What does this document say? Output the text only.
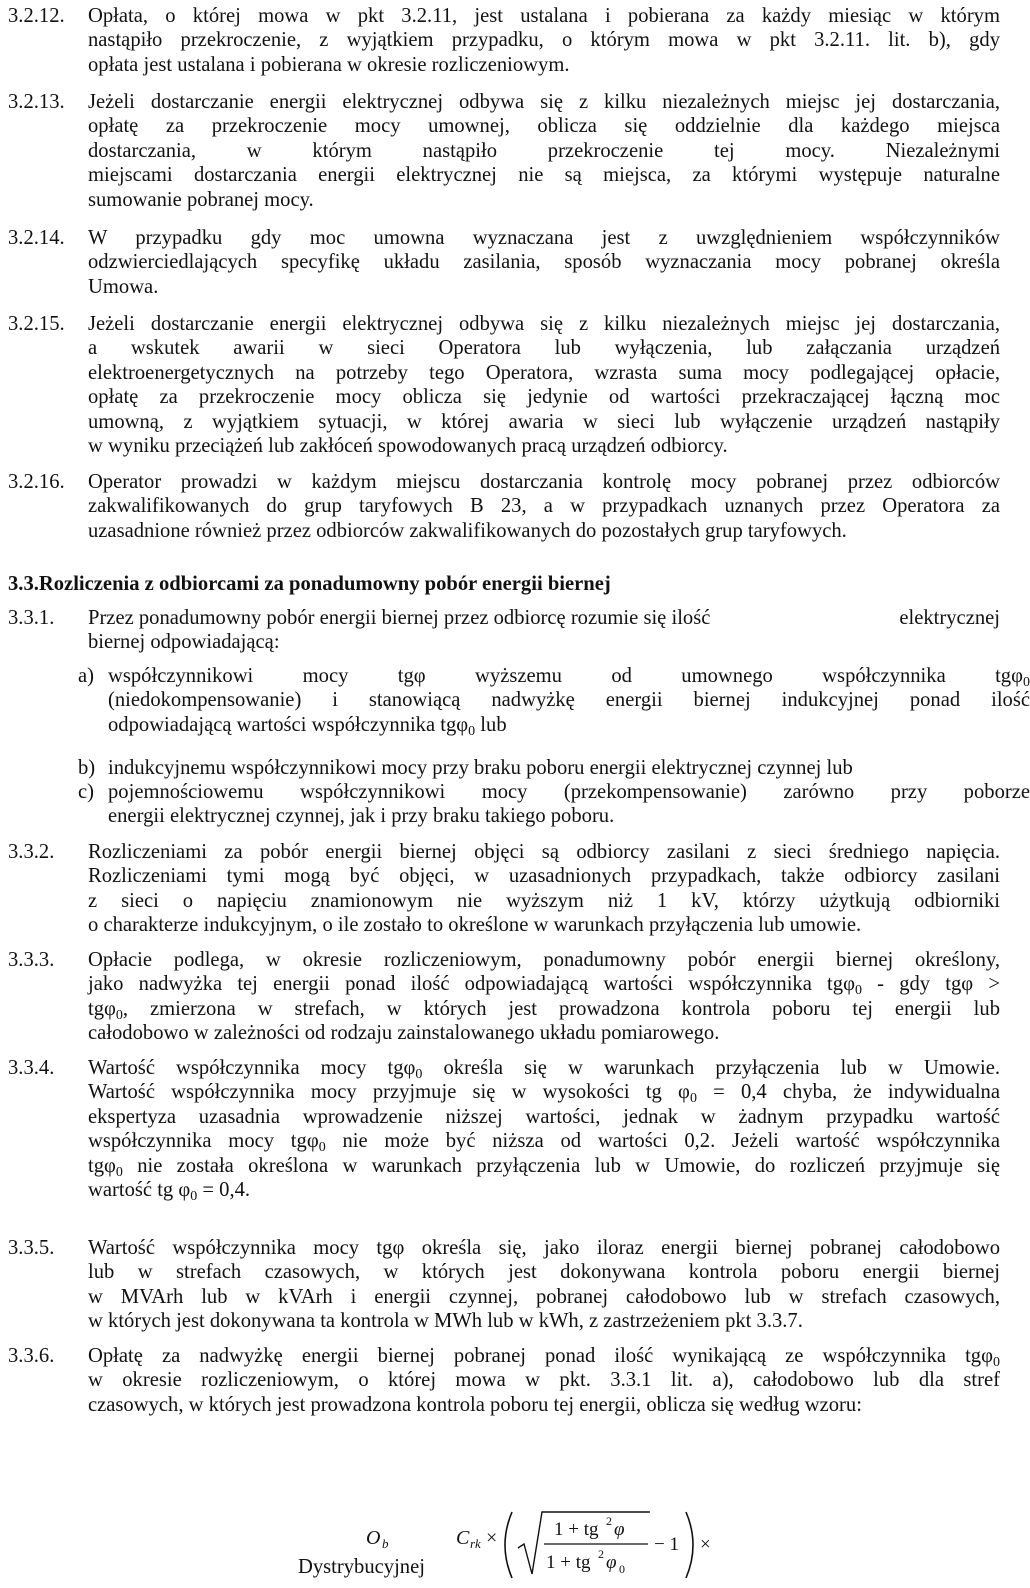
3.2.12. Opłata, o której mowa w pkt 3.2.11, jest ustalana i pobierana za każdy miesiąc w którym
nastąpiło przekroczenie, z wyjątkiem przypadku, o którym mowa w pkt 3.2.11. lit. b), gdy
opłata jest ustalana i pobierana w okresie rozliczeniowym.
3.2.13. Jeżeli dostarczanie energii elektrycznej odbywa się z kilku niezależnych miejsc jej dostarczania,
opłatę za przekroczenie mocy umownej, oblicza się oddzielnie dla każdego miejsca
dostarczania, w którym nastąpiło przekroczenie tej mocy. Niezależnymi
miejscami dostarczania energii elektrycznej nie są miejsca, za którymi występuje naturalne
sumowanie pobranej mocy.
3.2.14. W przypadku gdy moc umowna wyznaczana jest z uwzględnieniem współczynników
odzwierciedlających specyfikę układu zasilania, sposób wyznaczania mocy pobranej określa
Umowa.
3.2.15. Jeżeli dostarczanie energii elektrycznej odbywa się z kilku niezależnych miejsc jej dostarczania,
a wskutek awarii w sieci Operatora lub wyłączenia, lub załączania urządzeń
elektroenergetycznych na potrzeby tego Operatora, wzrasta suma mocy podlegającej opłacie,
opłatę za przekroczenie mocy oblicza się jedynie od wartości przekraczającej łączną moc
umowną, z wyjątkiem sytuacji, w której awaria w sieci lub wyłączenie urządzeń nastąpiły
w wyniku przeciążeń lub zakłóceń spowodowanych pracą urządzeń odbiorcy.
3.2.16. Operator prowadzi w każdym miejscu dostarczania kontrolę mocy pobranej przez odbiorców
zakwalifikowanych do grup taryfowych B 23, a w przypadkach uznanych przez Operatora za
uzasadnione również przez odbiorców zakwalifikowanych do pozostałych grup taryfowych.
3.3.Rozliczenia z odbiorcami za ponadumowny pobór energii biernej
3.3.1. Przez ponadumowny pobór energii biernej przez odbiorcę rozumie się ilość	elektrycznej
biernej odpowiadającą:
a) współczynnikowi mocy tgφ wyższemu od umownego współczynnika tgφ$_0$
(niedokompensowanie) i stanowiącą nadwyżkę energii biernej indukcyjnej ponad ilość
odpowiadającą wartości współczynnika tgφ$_0$ lub
b) indukcyjnemu współczynnikowi mocy przy braku poboru energii elektrycznej czynnej lub
c) pojemnościowemu współczynnikowi mocy (przekompensowanie) zarówno przy poborze
energii elektrycznej czynnej, jak i przy braku takiego poboru.
3.3.2. Rozliczeniami za pobór energii biernej objęci są odbiorcy zasilani z sieci średniego napięcia.
Rozliczeniami tymi mogą być objęci, w uzasadnionych przypadkach, także odbiorcy zasilani
z sieci o napięciu znamionowym nie wyższym niż 1 kV, którzy użytkują odbiorniki
o charakterze indukcyjnym, o ile zostało to określone w warunkach przyłączenia lub umowie.
3.3.3. Opłacie podlega, w okresie rozliczeniowym, ponadumowny pobór energii biernej określony,
jako nadwyżka tej energii ponad ilość odpowiadającą wartości współczynnika tgφ$_0$ - gdy tgφ >
tgφ$_0$, zmierzona w strefach, w których jest prowadzona kontrola poboru tej energii lub
całodobowo w zależności od rodzaju zainstalowanego układu pomiarowego.
3.3.4. Wartość współczynnika mocy tgφ$_0$ określa się w warunkach przyłączenia lub w Umowie.
Wartość współczynnika mocy przyjmuje się w wysokości tg $\varphi_0 = 0,4$ chyba, że indywidualna
ekspertyza uzasadnia wprowadzenie niższej wartości, jednak w żadnym przypadku wartość
współczynnika mocy tgφ$_0$ nie może być niższa od wartości 0,2. Jeżeli wartość współczynnika
tgφ$_0$ nie została określona w warunkach przyłączenia lub w Umowie, do rozliczeń przyjmuje się
wartość tg $\varphi_0 = 0,4$.
3.3.5. Wartość współczynnika mocy tgφ określa się, jako iloraz energii biernej pobranej całodobowo
lub w strefach czasowych, w których jest dokonywana kontrola poboru energii biernej
w MVArh lub w kVArh i energii czynnej, pobranej całodobowo lub w strefach czasowych,
w których jest dokonywana ta kontrola w MWh lub w kWh, z zastrzeżeniem pkt 3.3.7.
3.3.6. Opłatę za nadwyżkę energii biernej pobranej ponad ilość wynikającą ze współczynnika tgφ$_0$
w okresie rozliczeniowym, o której mowa w pkt. 3.3.1 lit. a), całodobowo lub dla stref
czasowych, w których jest prowadzona kontrola poboru tej energii, oblicza się według wzoru:
O b	C rk ×	1 + tg 2 φ
1 + tg 2 φ 0
− 1 ×
Dystrybucyjnej
